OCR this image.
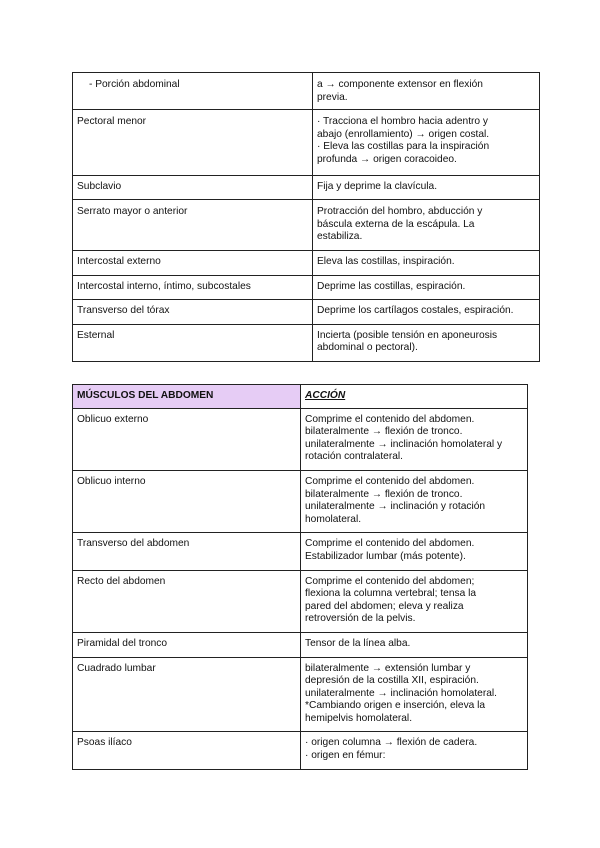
- Porción abdominal	a → componente extensor en flexión
previa.

Pectoral menor	· Tracciona el hombro hacia adentro y
abajo (enrollamiento) → origen costal.
· Eleva las costillas para la inspiración
profunda → origen coracoideo.

Subclavio	Fija y deprime la clavícula.

Serrato mayor o anterior	Protracción del hombro, abducción y
báscula externa de la escápula. La
estabiliza.

Intercostal externo	Eleva las costillas, inspiración.

Intercostal interno, íntimo, subcostales	Deprime las costillas, espiración.

Transverso del tórax	Deprime los cartílagos costales, espiración.

Esternal	Incierta (posible tensión en aponeurosis
abdominal o pectoral).
MÚSCULOS DEL ABDOMEN	ACCIÓN

Oblicuo externo	Comprime el contenido del abdomen.
bilateralmente → flexión de tronco.
unilateralmente → inclinación homolateral y
rotación contralateral.

Oblicuo interno	Comprime el contenido del abdomen.
bilateralmente → flexión de tronco.
unilateralmente → inclinación y rotación
homolateral.

Transverso del abdomen	Comprime el contenido del abdomen.
Estabilizador lumbar (más potente).

Recto del abdomen	Comprime el contenido del abdomen;
flexiona la columna vertebral; tensa la
pared del abdomen; eleva y realiza
retroversión de la pelvis.

Piramidal del tronco	Tensor de la línea alba.

Cuadrado lumbar	bilateralmente → extensión lumbar y
depresión de la costilla XII, espiración.
unilateralmente → inclinación homolateral.
*Cambiando origen e inserción, eleva la
hemipelvis homolateral.

Psoas ilíaco	· origen columna → flexión de cadera.
· origen en fémur:
